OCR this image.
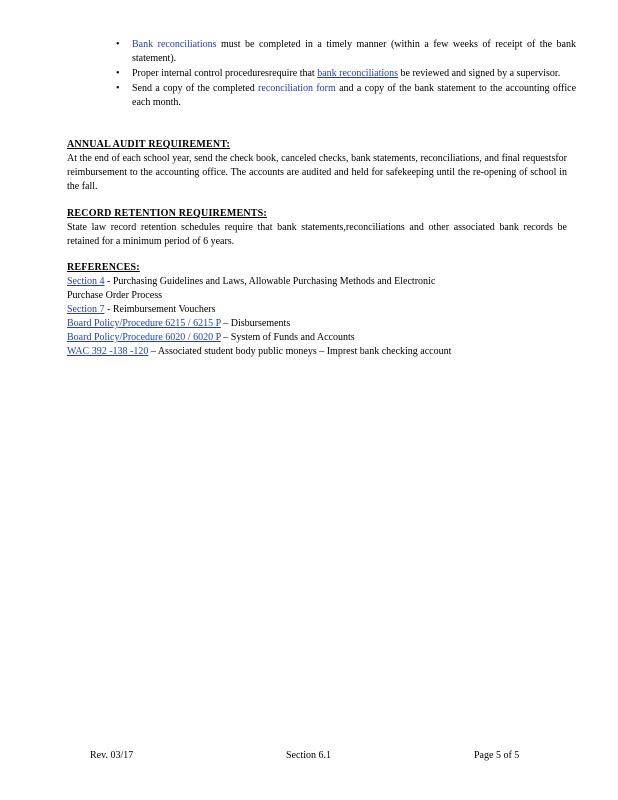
• Bank reconciliations must be completed in a timely manner (within a few weeks of receipt of the bank statement).
• Proper internal control proceduresrequire that bank reconciliations be reviewed and signed by a supervisor.
• Send a copy of the completed reconciliation form and a copy of the bank statement to the accounting office each month.
ANNUAL AUDIT REQUIREMENT:
At the end of each school year, send the check book, canceled checks, bank statements, reconciliations, and final requestsfor reimbursement to the accounting office. The accounts are audited and held for safekeeping until the re-opening of school in the fall.
RECORD RETENTION REQUIREMENTS:
State law record retention schedules require that bank statements,reconciliations and other associated bank records be retained for a minimum period of 6 years.
REFERENCES:
Section 4 - Purchasing Guidelines and Laws, Allowable Purchasing Methods and Electronic
Purchase Order Process
Section 7 - Reimbursement Vouchers
Board Policy/Procedure 6215 / 6215 P – Disbursements
Board Policy/Procedure 6020 / 6020 P – System of Funds and Accounts
WAC 392 -138 -120 – Associated student body public moneys – Imprest bank checking account
Rev. 03/17	Section 6.1	Page 5 of 5
